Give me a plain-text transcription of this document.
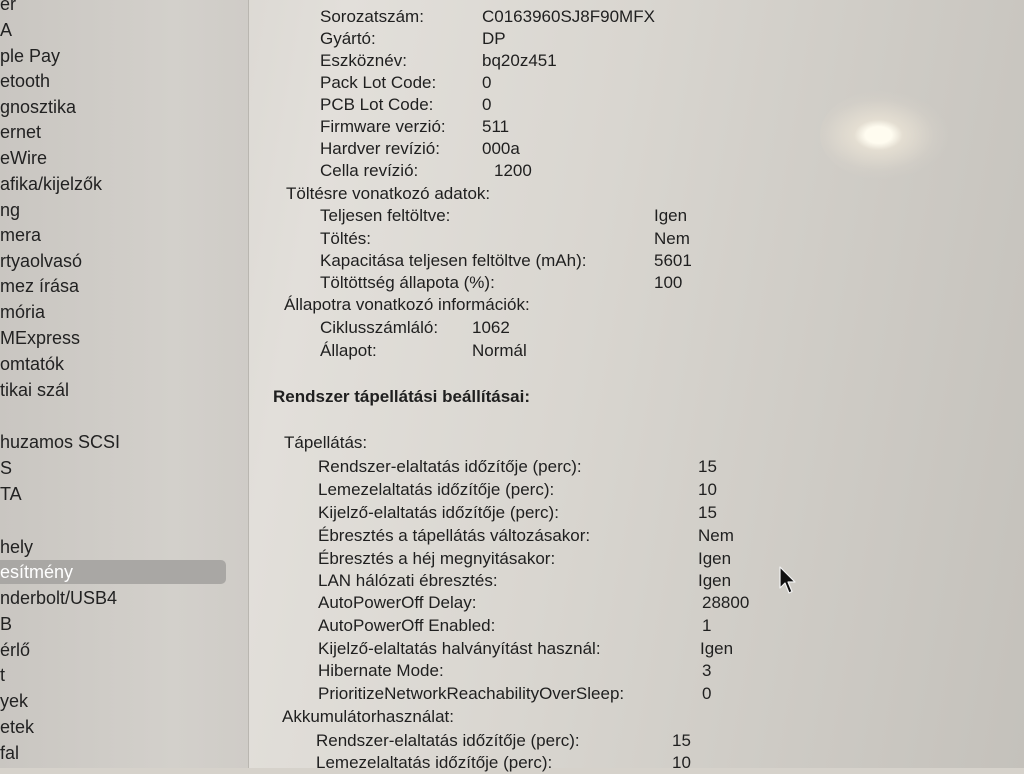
er
A
ple Pay
etooth
gnosztika
ernet
eWire
afika/kijelzők
ng
mera
rtyaolvasó
mez írása
mória
MExpress
omtatók
tikai szál
huzamos SCSI
S
TA
hely
esítmény
nderbolt/USB4
B
érlő
t
yek
etek
fal
Sorozatszám:	C0163960SJ8F90MFX
Gyártó:	DP
Eszköznév:	bq20z451
Pack Lot Code:	0
PCB Lot Code:	0
Firmware verzió: 511
Hardver revízió: 000a
Cella revízió:	1200
Töltésre vonatkozó adatok:
Teljesen feltöltve:	Igen
Töltés:	Nem
Kapacitása teljesen feltöltve (mAh):	5601
Töltöttség állapota (%):	100
Állapotra vonatkozó információk:
Ciklusszámláló: 1062
Állapot:	Normál
Rendszer tápellátási beállításai:
Tápellátás:
Rendszer-elaltatás időzítője (perc):	15
Lemezelaltatás időzítője (perc):	10
Kijelző-elaltatás időzítője (perc):	15
Ébresztés a tápellátás változásakor:	Nem
Ébresztés a héj megnyitásakor:	Igen
LAN hálózati ébresztés:	Igen
AutoPowerOff Delay:	28800
AutoPowerOff Enabled:	1
Kijelző-elaltatás halványítást használ:	Igen
Hibernate Mode:	3
PrioritizeNetworkReachabilityOverSleep:	0
Akkumulátorhasználat:
Rendszer-elaltatás időzítője (perc):	15
Lemezelaltatás időzítője (perc):	10
